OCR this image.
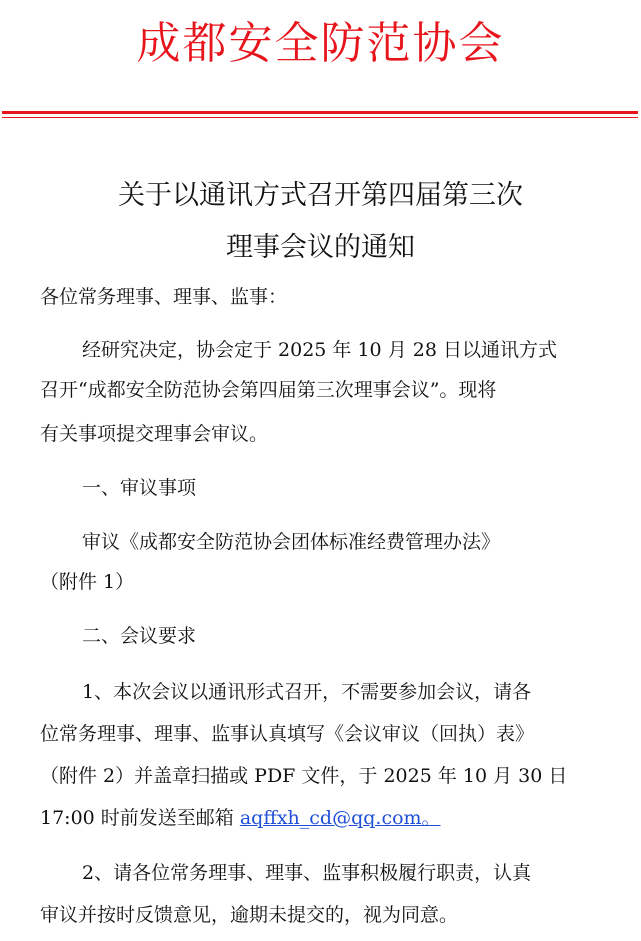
成都安全防范协会
关于以通讯方式召开第四届第三次
理事会议的通知
各位常务理事、理事、监事：
经研究决定，协会定于 2025 年 10 月 28 日以通讯方式
召开“成都安全防范协会第四届第三次理事会议”。现将
有关事项提交理事会审议。
一、审议事项
审议《成都安全防范协会团体标准经费管理办法》
（附件 1）
二、会议要求
1、本次会议以通讯形式召开，不需要参加会议，请各
位常务理事、理事、监事认真填写《会议审议（回执）表》
（附件 2）并盖章扫描或 PDF 文件，于 2025 年 10 月 30 日
17:00 时前发送至邮箱 aqffxh_cd@qq.com。
2、请各位常务理事、理事、监事积极履行职责，认真
审议并按时反馈意见，逾期未提交的，视为同意。
